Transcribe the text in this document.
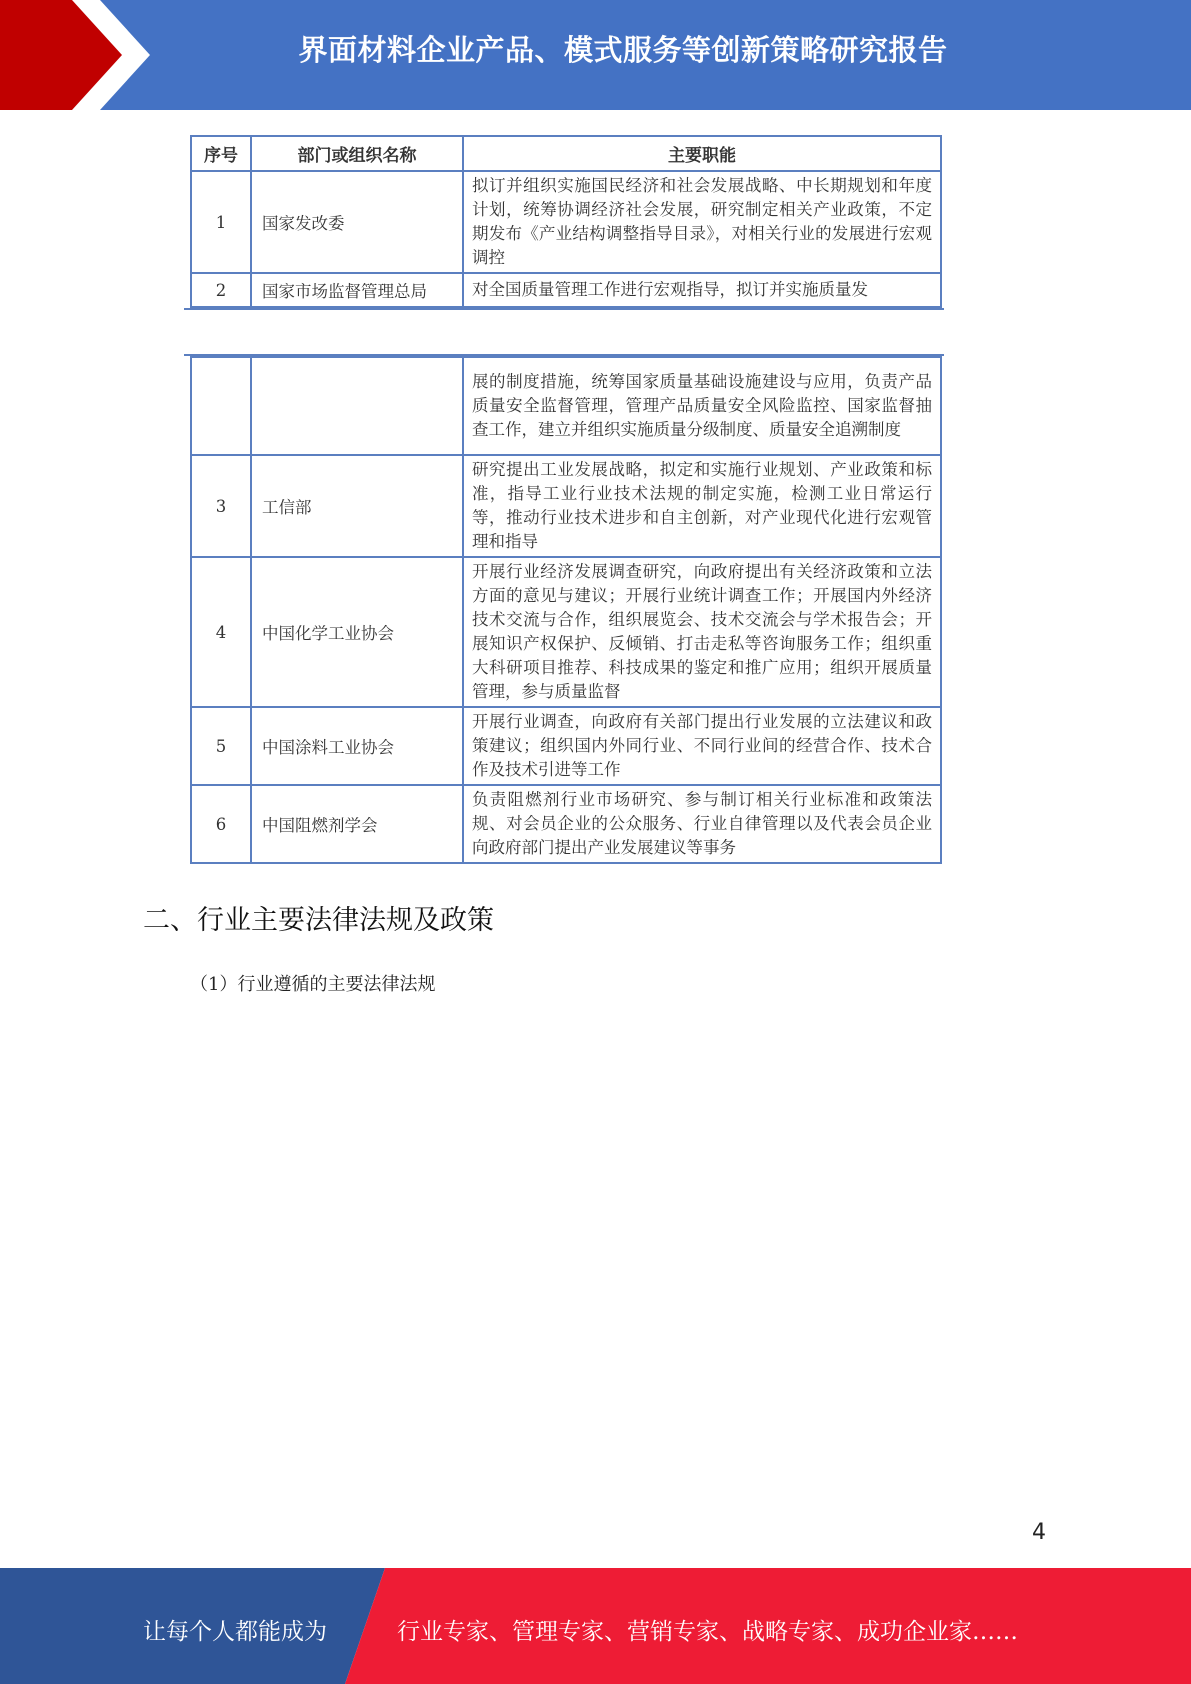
界面材料企业产品、模式服务等创新策略研究报告
序号	部门或组织名称	主要职能
1	国家发改委	拟订并组织实施国民经济和社会发展战略、中长期规划和年度计划，统筹协调经济社会发展，研究制定相关产业政策，不定期发布《产业结构调整指导目录》，对相关行业的发展进行宏观调控
2	国家市场监督管理总局	对全国质量管理工作进行宏观指导，拟订并实施质量发
		展的制度措施，统筹国家质量基础设施建设与应用，负责产品质量安全监督管理，管理产品质量安全风险监控、国家监督抽查工作，建立并组织实施质量分级制度、质量安全追溯制度
3	工信部	研究提出工业发展战略，拟定和实施行业规划、产业政策和标准，指导工业行业技术法规的制定实施，检测工业日常运行等，推动行业技术进步和自主创新，对产业现代化进行宏观管理和指导
4	中国化学工业协会	开展行业经济发展调查研究，向政府提出有关经济政策和立法方面的意见与建议；开展行业统计调查工作；开展国内外经济技术交流与合作，组织展览会、技术交流会与学术报告会；开展知识产权保护、反倾销、打击走私等咨询服务工作；组织重大科研项目推荐、科技成果的鉴定和推广应用；组织开展质量管理，参与质量监督
5	中国涂料工业协会	开展行业调查，向政府有关部门提出行业发展的立法建议和政策建议；组织国内外同行业、不同行业间的经营合作、技术合作及技术引进等工作
6	中国阻燃剂学会	负责阻燃剂行业市场研究、参与制订相关行业标准和政策法规、对会员企业的公众服务、行业自律管理以及代表会员企业向政府部门提出产业发展建议等事务
二、行业主要法律法规及政策
（1）行业遵循的主要法律法规
4
让每个人都能成为	行业专家、管理专家、营销专家、战略专家、成功企业家……
